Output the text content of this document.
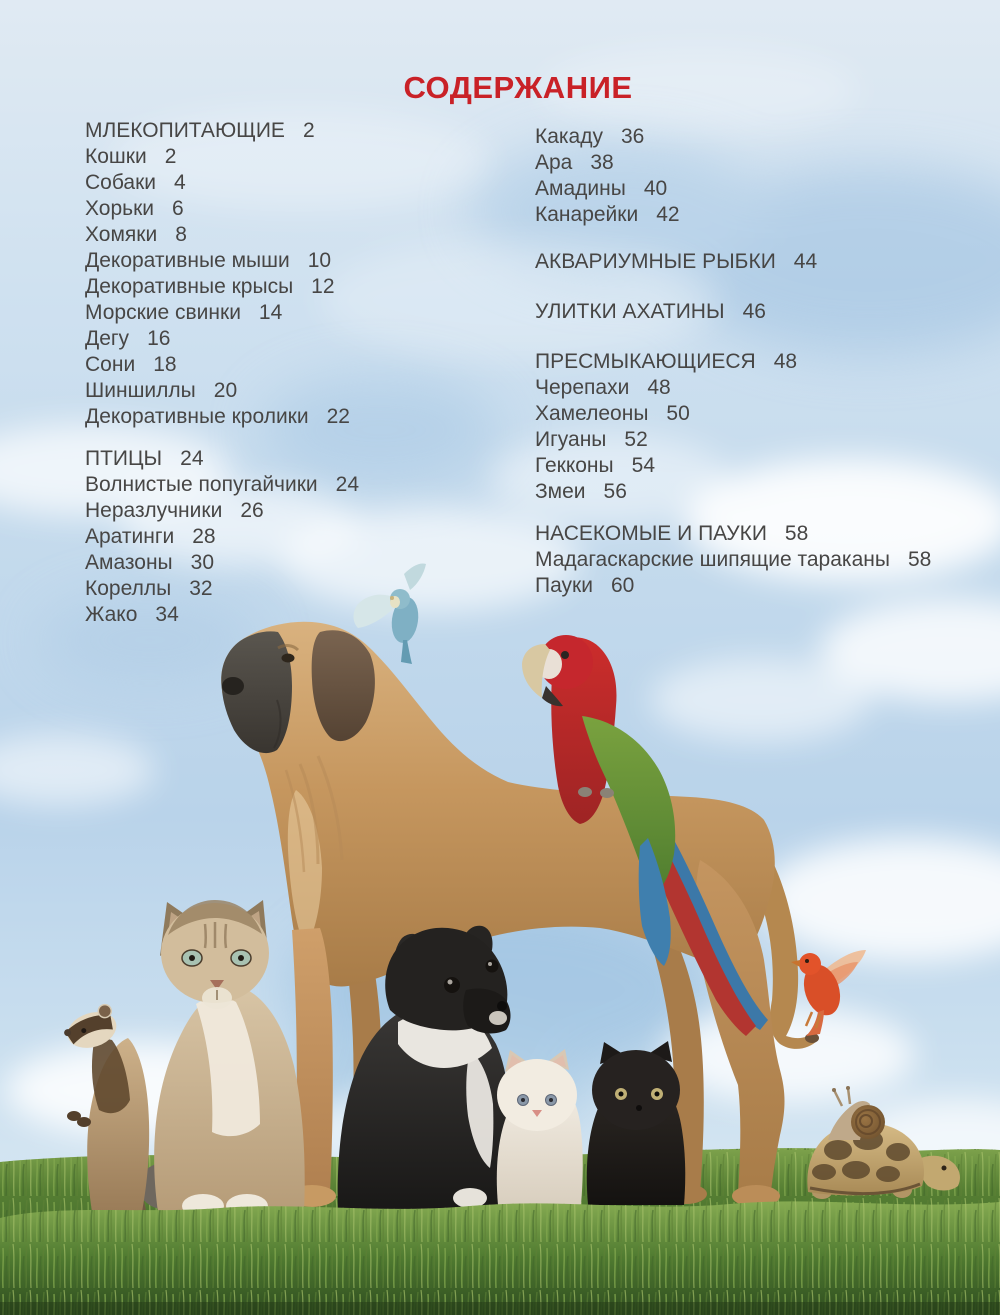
СОДЕРЖАНИЕ
МЛЕКОПИТАЮЩИЕ 2
Кошки 2
Собаки 4
Хорьки 6
Хомяки 8
Декоративные мыши 10
Декоративные крысы 12
Морские свинки 14
Дегу 16
Сони 18
Шиншиллы 20
Декоративные кролики 22
ПТИЦЫ 24
Волнистые попугайчики 24
Неразлучники 26
Аратинги 28
Амазоны 30
Кореллы 32
Жако 34
Какаду 36
Ара 38
Амадины 40
Канарейки 42
АКВАРИУМНЫЕ РЫБКИ 44
УЛИТКИ АХАТИНЫ 46
ПРЕСМЫКАЮЩИЕСЯ 48
Черепахи 48
Хамелеоны 50
Игуаны 52
Гекконы 54
Змеи 56
НАСЕКОМЫЕ И ПАУКИ 58
Мадагаскарские шипящие тараканы 58
Пауки 60
